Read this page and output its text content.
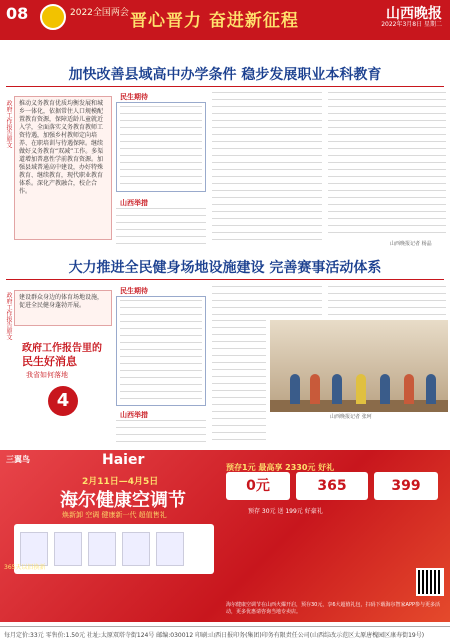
08	2022全国两会 晋心晋力 奋进新征程	山西晚报
2022年3月8日 星期二
加快改善县域高中办学条件 稳步发展职业本科教育
政府工作报告原文	推动义务教育优质均衡发展和城乡一体化，依据常住人口规模配置教育资源，保障适龄儿童就近入学，全面落实义务教育教师工资待遇，加强乡村教师定向培养、在职培训与待遇保障。继续做好义务教育“双减”工作。多渠道增加普惠性学前教育资源。加强县域普通高中建设，办好特殊教育、继续教育，现代职业教育体系。深化产教融合，校企合作。
民生期待
山西举措
山西晚报记者 杨晶
大力推进全民健身场地设施建设 完善赛事活动体系
政府工作报告原文	建设群众身边的体育场地设施，促进全民健身蓬勃开展。
政府工作报告里的
民生好消息
我省如何落地
4
民生期待
山西举措	山西晚报记者 张珂
三翼鸟	Haier
2月11日—4月5日
海尔健康空调节
焕新卸 空调 健康新一代 超值售礼
365天以旧换新
预存1元 最高享 2330元 好礼
0元	365	399
预存 30元 送 199元 好豪礼
海尔健康空调节在山西火爆开启，预存30元，享6大超值礼包，扫码下载海尔智家APP参与更多活动，更多优惠请咨询当地专卖店。
每月定价:33元 零售价:1.50元 社址:太原双塔寺街124号 邮编:030012 印刷:山西日报印务(集团)印务有限责任公司(山西综改示范区太原唐槐园区康寿街19号)
